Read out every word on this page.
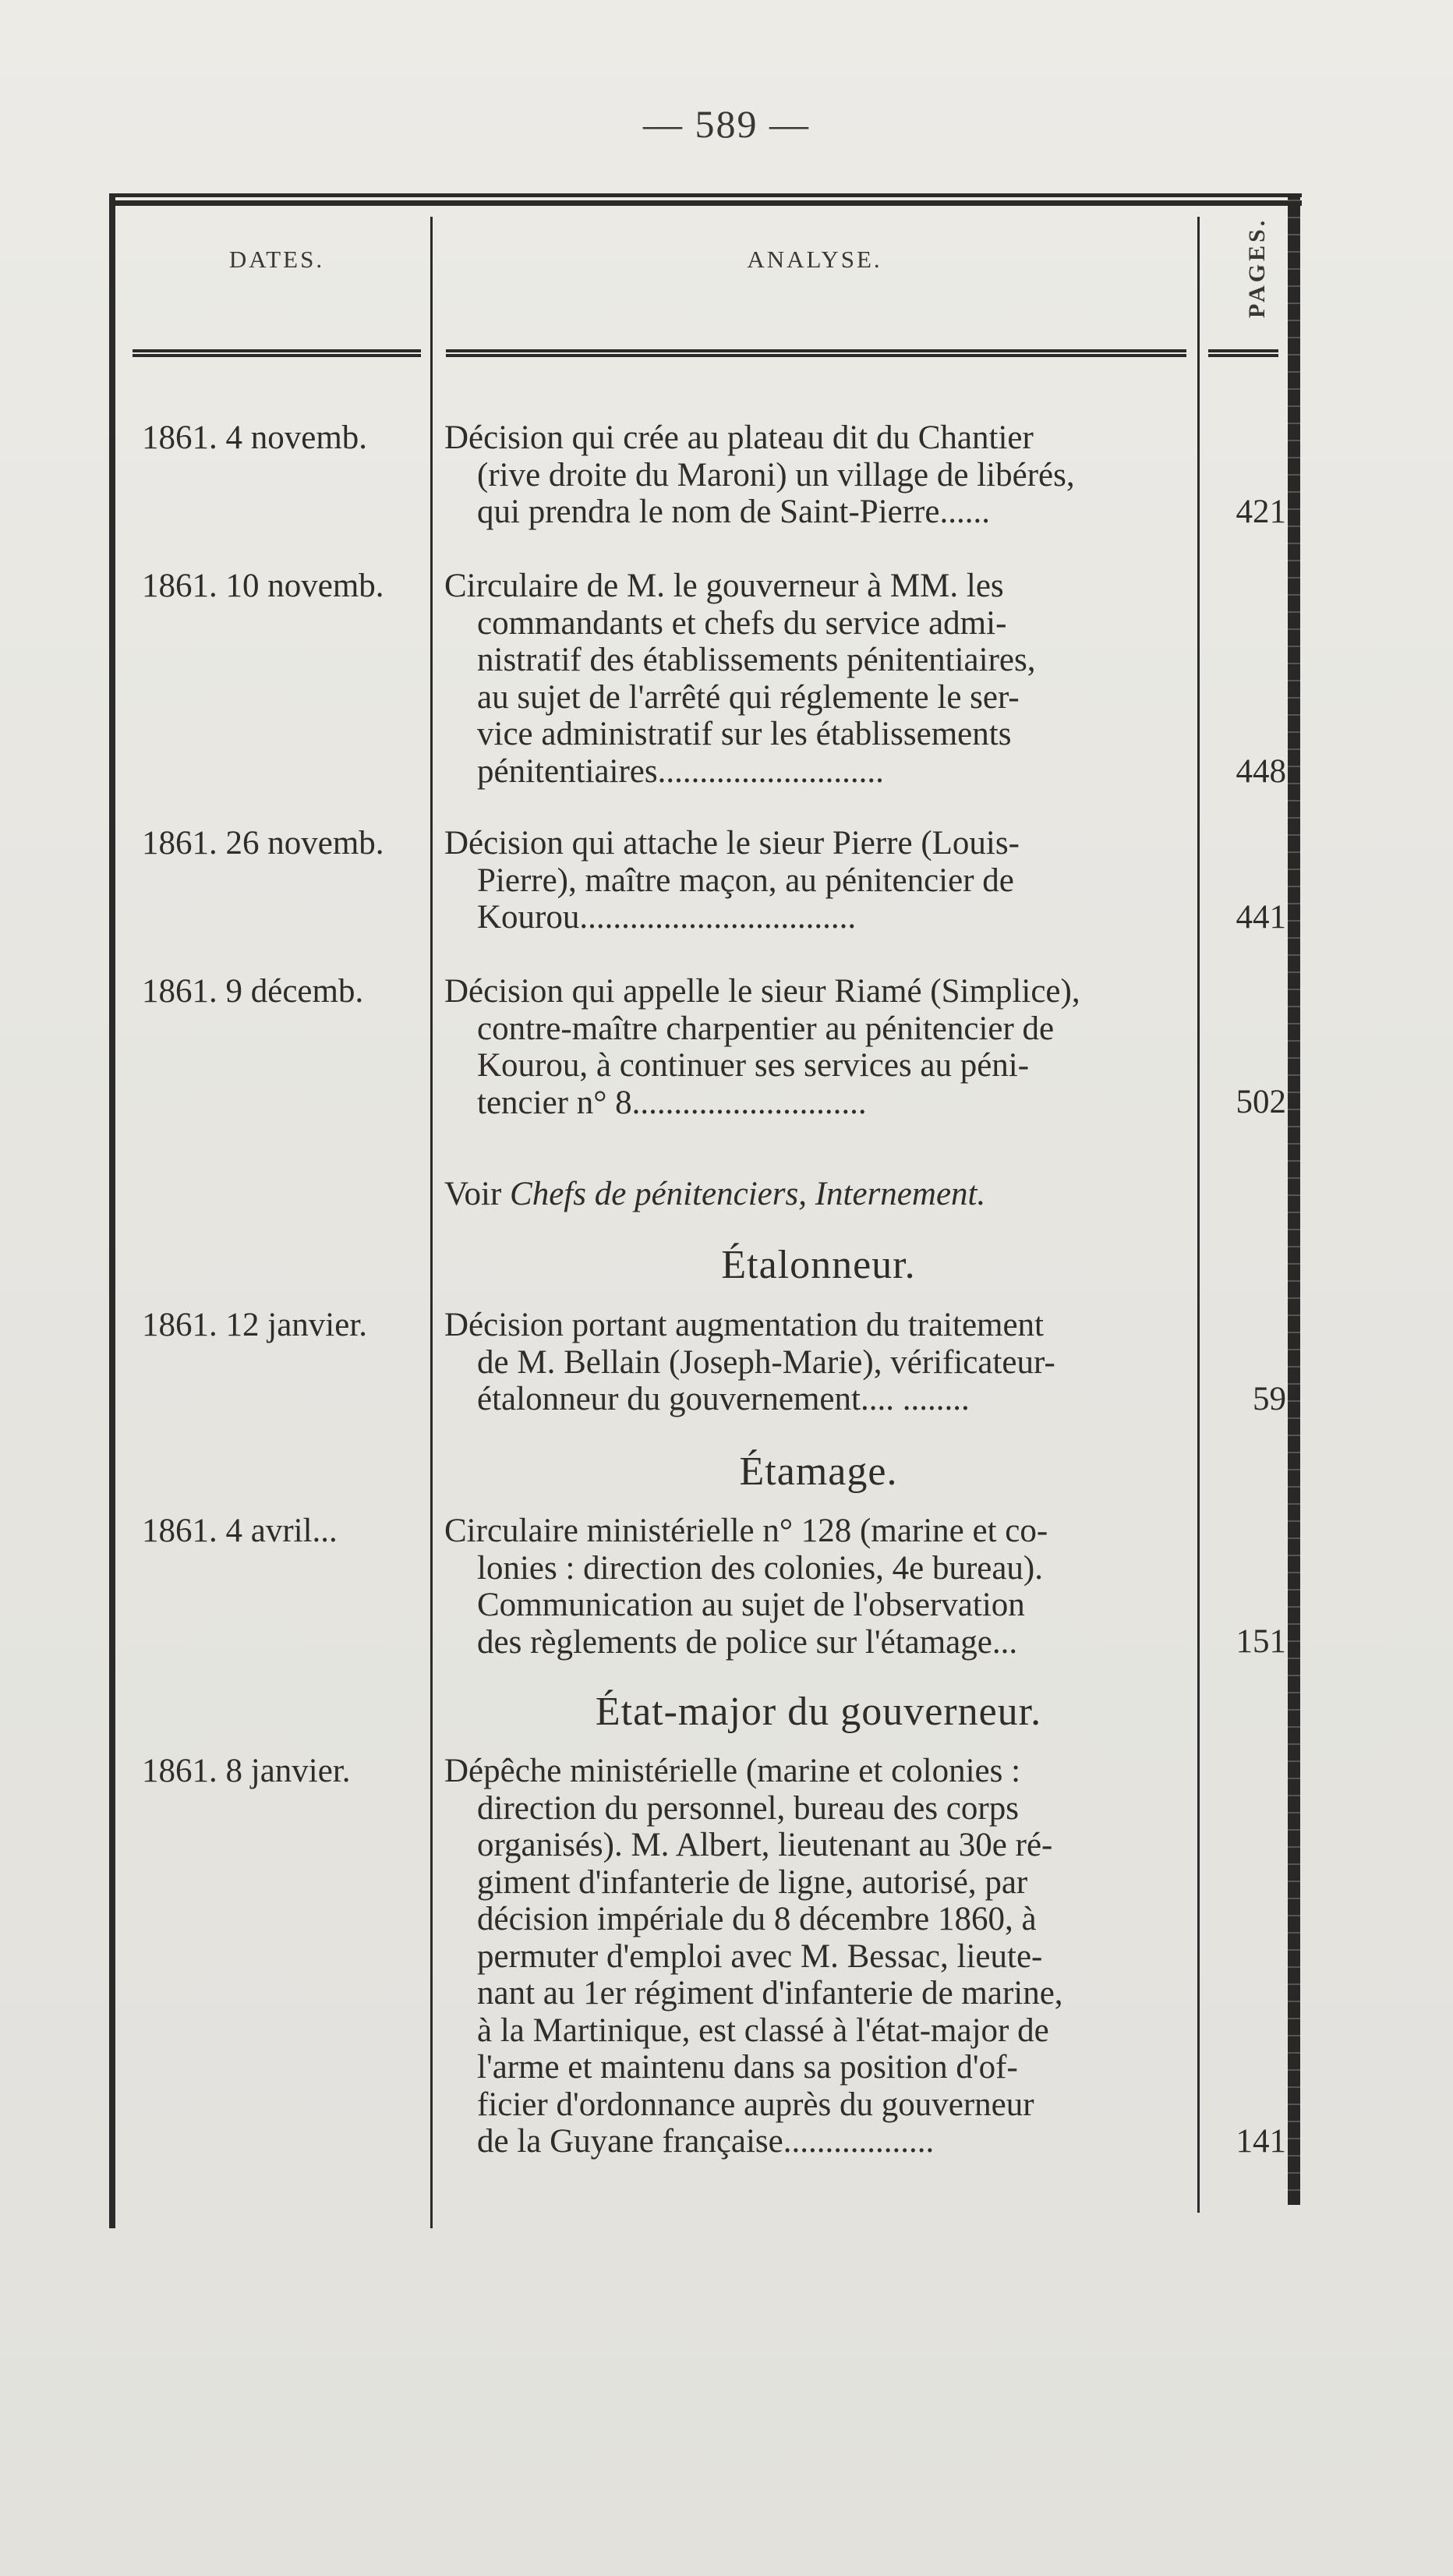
— 589 —
DATES.	ANALYSE.	PAGES.
1861. 4 novemb.	Décision qui crée au plateau dit du Chantier
(rive droite du Maroni) un village de libérés,
qui prendra le nom de Saint-Pierre......	421
1861. 10 novemb.	Circulaire de M. le gouverneur à MM. les
commandants et chefs du service admi-
nistratif des établissements pénitentiaires,
au sujet de l'arrêté qui réglemente le ser-
vice administratif sur les établissements
pénitentiaires...........................	448
1861. 26 novemb.	Décision qui attache le sieur Pierre (Louis-
Pierre), maître maçon, au pénitencier de
Kourou.................................	441
1861. 9 décemb.	Décision qui appelle le sieur Riamé (Simplice),
contre-maître charpentier au pénitencier de
Kourou, à continuer ses services au péni-
tencier n° 8............................	502
Voir Chefs de pénitenciers, Internement.
Étalonneur.
1861. 12 janvier.	Décision portant augmentation du traitement
de M. Bellain (Joseph-Marie), vérificateur-
étalonneur du gouvernement.... ........	59
Étamage.
1861. 4 avril...	Circulaire ministérielle n° 128 (marine et co-
lonies : direction des colonies, 4e bureau).
Communication au sujet de l'observation
des règlements de police sur l'étamage...	151
État-major du gouverneur.
1861. 8 janvier.	Dépêche ministérielle (marine et colonies :
direction du personnel, bureau des corps
organisés). M. Albert, lieutenant au 30e ré-
giment d'infanterie de ligne, autorisé, par
décision impériale du 8 décembre 1860, à
permuter d'emploi avec M. Bessac, lieute-
nant au 1er régiment d'infanterie de marine,
à la Martinique, est classé à l'état-major de
l'arme et maintenu dans sa position d'of-
ficier d'ordonnance auprès du gouverneur
de la Guyane française..................	141
